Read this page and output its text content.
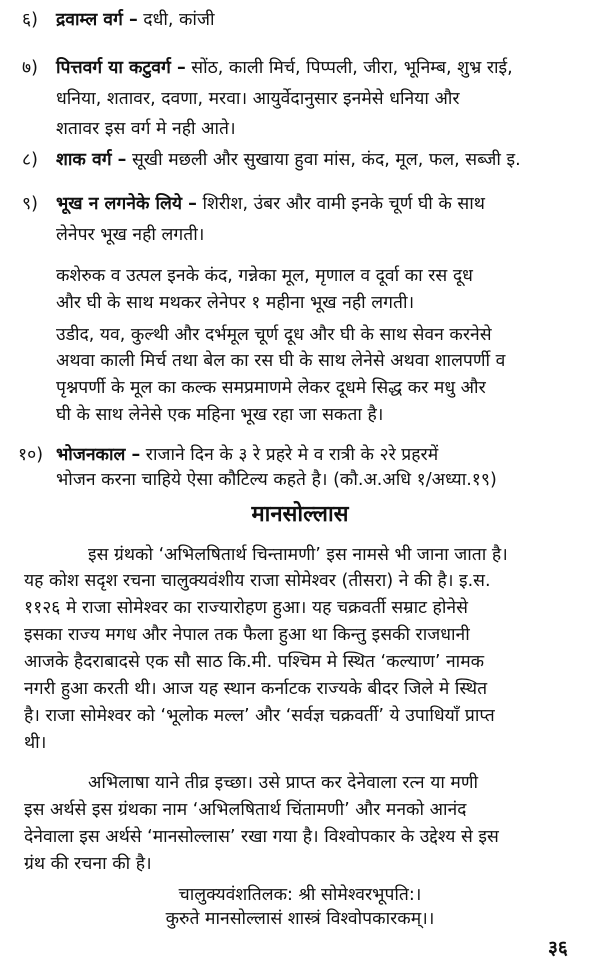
६) द्रवाम्ल वर्ग – दधी, कांजी
७) पित्तवर्ग या कटुवर्ग – सोंठ, काली मिर्च, पिप्पली, जीरा, भूनिम्ब, शुभ्र राई,
धनिया, शतावर, दवणा, मरवा। आयुर्वेदानुसार इनमेसे धनिया और
शतावर इस वर्ग मे नही आते।
८) शाक वर्ग – सूखी मछली और सुखाया हुवा मांस, कंद, मूल, फल, सब्जी इ.
९) भूख न लगनेके लिये – शिरीश, उंबर और वामी इनके चूर्ण घी के साथ
लेनेपर भूख नही लगती।
कशेरुक व उत्पल इनके कंद, गन्नेका मूल, मृणाल व दूर्वा का रस दूध
और घी के साथ मथकर लेनेपर १ महीना भूख नही लगती।
उडीद, यव, कुल्थी और दर्भमूल चूर्ण दूध और घी के साथ सेवन करनेसे
अथवा काली मिर्च तथा बेल का रस घी के साथ लेनेसे अथवा शालपर्णी व
पृश्नपर्णी के मूल का कल्क समप्रमाणमे लेकर दूधमे सिद्ध कर मधु और
घी के साथ लेनेसे एक महिना भूख रहा जा सकता है।
१०) भोजनकाल – राजाने दिन के ३ रे प्रहरे मे व रात्री के २रे प्रहरमें
भोजन करना चाहिये ऐसा कौटिल्य कहते है। (कौ.अ.अधि १/अध्या.१९)
मानसोल्लास
इस ग्रंथको ‘अभिलषितार्थ चिन्तामणी’ इस नामसे भी जाना जाता है।
यह कोश सदृश रचना चालुक्यवंशीय राजा सोमेश्वर (तीसरा) ने की है। इ.स.
११२६ मे राजा सोमेश्वर का राज्यारोहण हुआ। यह चक्रवर्ती सम्राट होनेसे
इसका राज्य मगध और नेपाल तक फैला हुआ था किन्तु इसकी राजधानी
आजके हैदराबादसे एक सौ साठ कि.मी. पश्चिम मे स्थित ‘कल्याण’ नामक
नगरी हुआ करती थी। आज यह स्थान कर्नाटक राज्यके बीदर जिले मे स्थित
है। राजा सोमेश्वर को ‘भूलोक मल्ल’ और ‘सर्वज्ञ चक्रवर्ती’ ये उपाधियाँ प्राप्त
थी।
अभिलाषा याने तीव्र इच्छा। उसे प्राप्त कर देनेवाला रत्न या मणी
इस अर्थसे इस ग्रंथका नाम ‘अभिलषितार्थ चिंतामणी’ और मनको आनंद
देनेवाला इस अर्थसे ‘मानसोल्लास’ रखा गया है। विश्वोपकार के उद्देश्य से इस
ग्रंथ की रचना की है।
चालुक्यवंशतिलक: श्री सोमेश्वरभूपति:।
कुरुते मानसोल्लासं शास्त्रं विश्वोपकारकम्।।
३६
